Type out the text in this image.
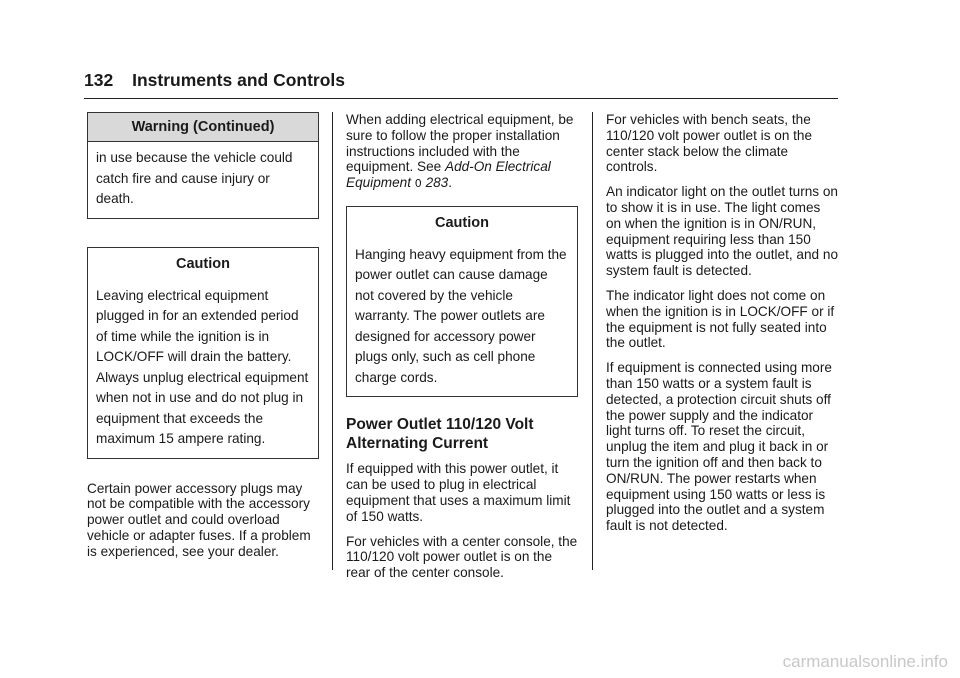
132 Instruments and Controls
Warning (Continued)

in use because the vehicle could catch fire and cause injury or death.

Caution

Leaving electrical equipment plugged in for an extended period of time while the ignition is in LOCK/OFF will drain the battery. Always unplug electrical equipment when not in use and do not plug in equipment that exceeds the maximum 15 ampere rating.

Certain power accessory plugs may not be compatible with the accessory power outlet and could overload vehicle or adapter fuses. If a problem is experienced, see your dealer.

When adding electrical equipment, be sure to follow the proper installation instructions included with the equipment. See Add-On Electrical Equipment 0 283.

Caution

Hanging heavy equipment from the power outlet can cause damage not covered by the vehicle warranty. The power outlets are designed for accessory power plugs only, such as cell phone charge cords.

Power Outlet 110/120 Volt Alternating Current

If equipped with this power outlet, it can be used to plug in electrical equipment that uses a maximum limit of 150 watts.

For vehicles with a center console, the 110/120 volt power outlet is on the rear of the center console.

For vehicles with bench seats, the 110/120 volt power outlet is on the center stack below the climate controls.

An indicator light on the outlet turns on to show it is in use. The light comes on when the ignition is in ON/RUN, equipment requiring less than 150 watts is plugged into the outlet, and no system fault is detected.

The indicator light does not come on when the ignition is in LOCK/OFF or if the equipment is not fully seated into the outlet.

If equipment is connected using more than 150 watts or a system fault is detected, a protection circuit shuts off the power supply and the indicator light turns off. To reset the circuit, unplug the item and plug it back in or turn the ignition off and then back to ON/RUN. The power restarts when equipment using 150 watts or less is plugged into the outlet and a system fault is not detected.

carmanualsonline.info
